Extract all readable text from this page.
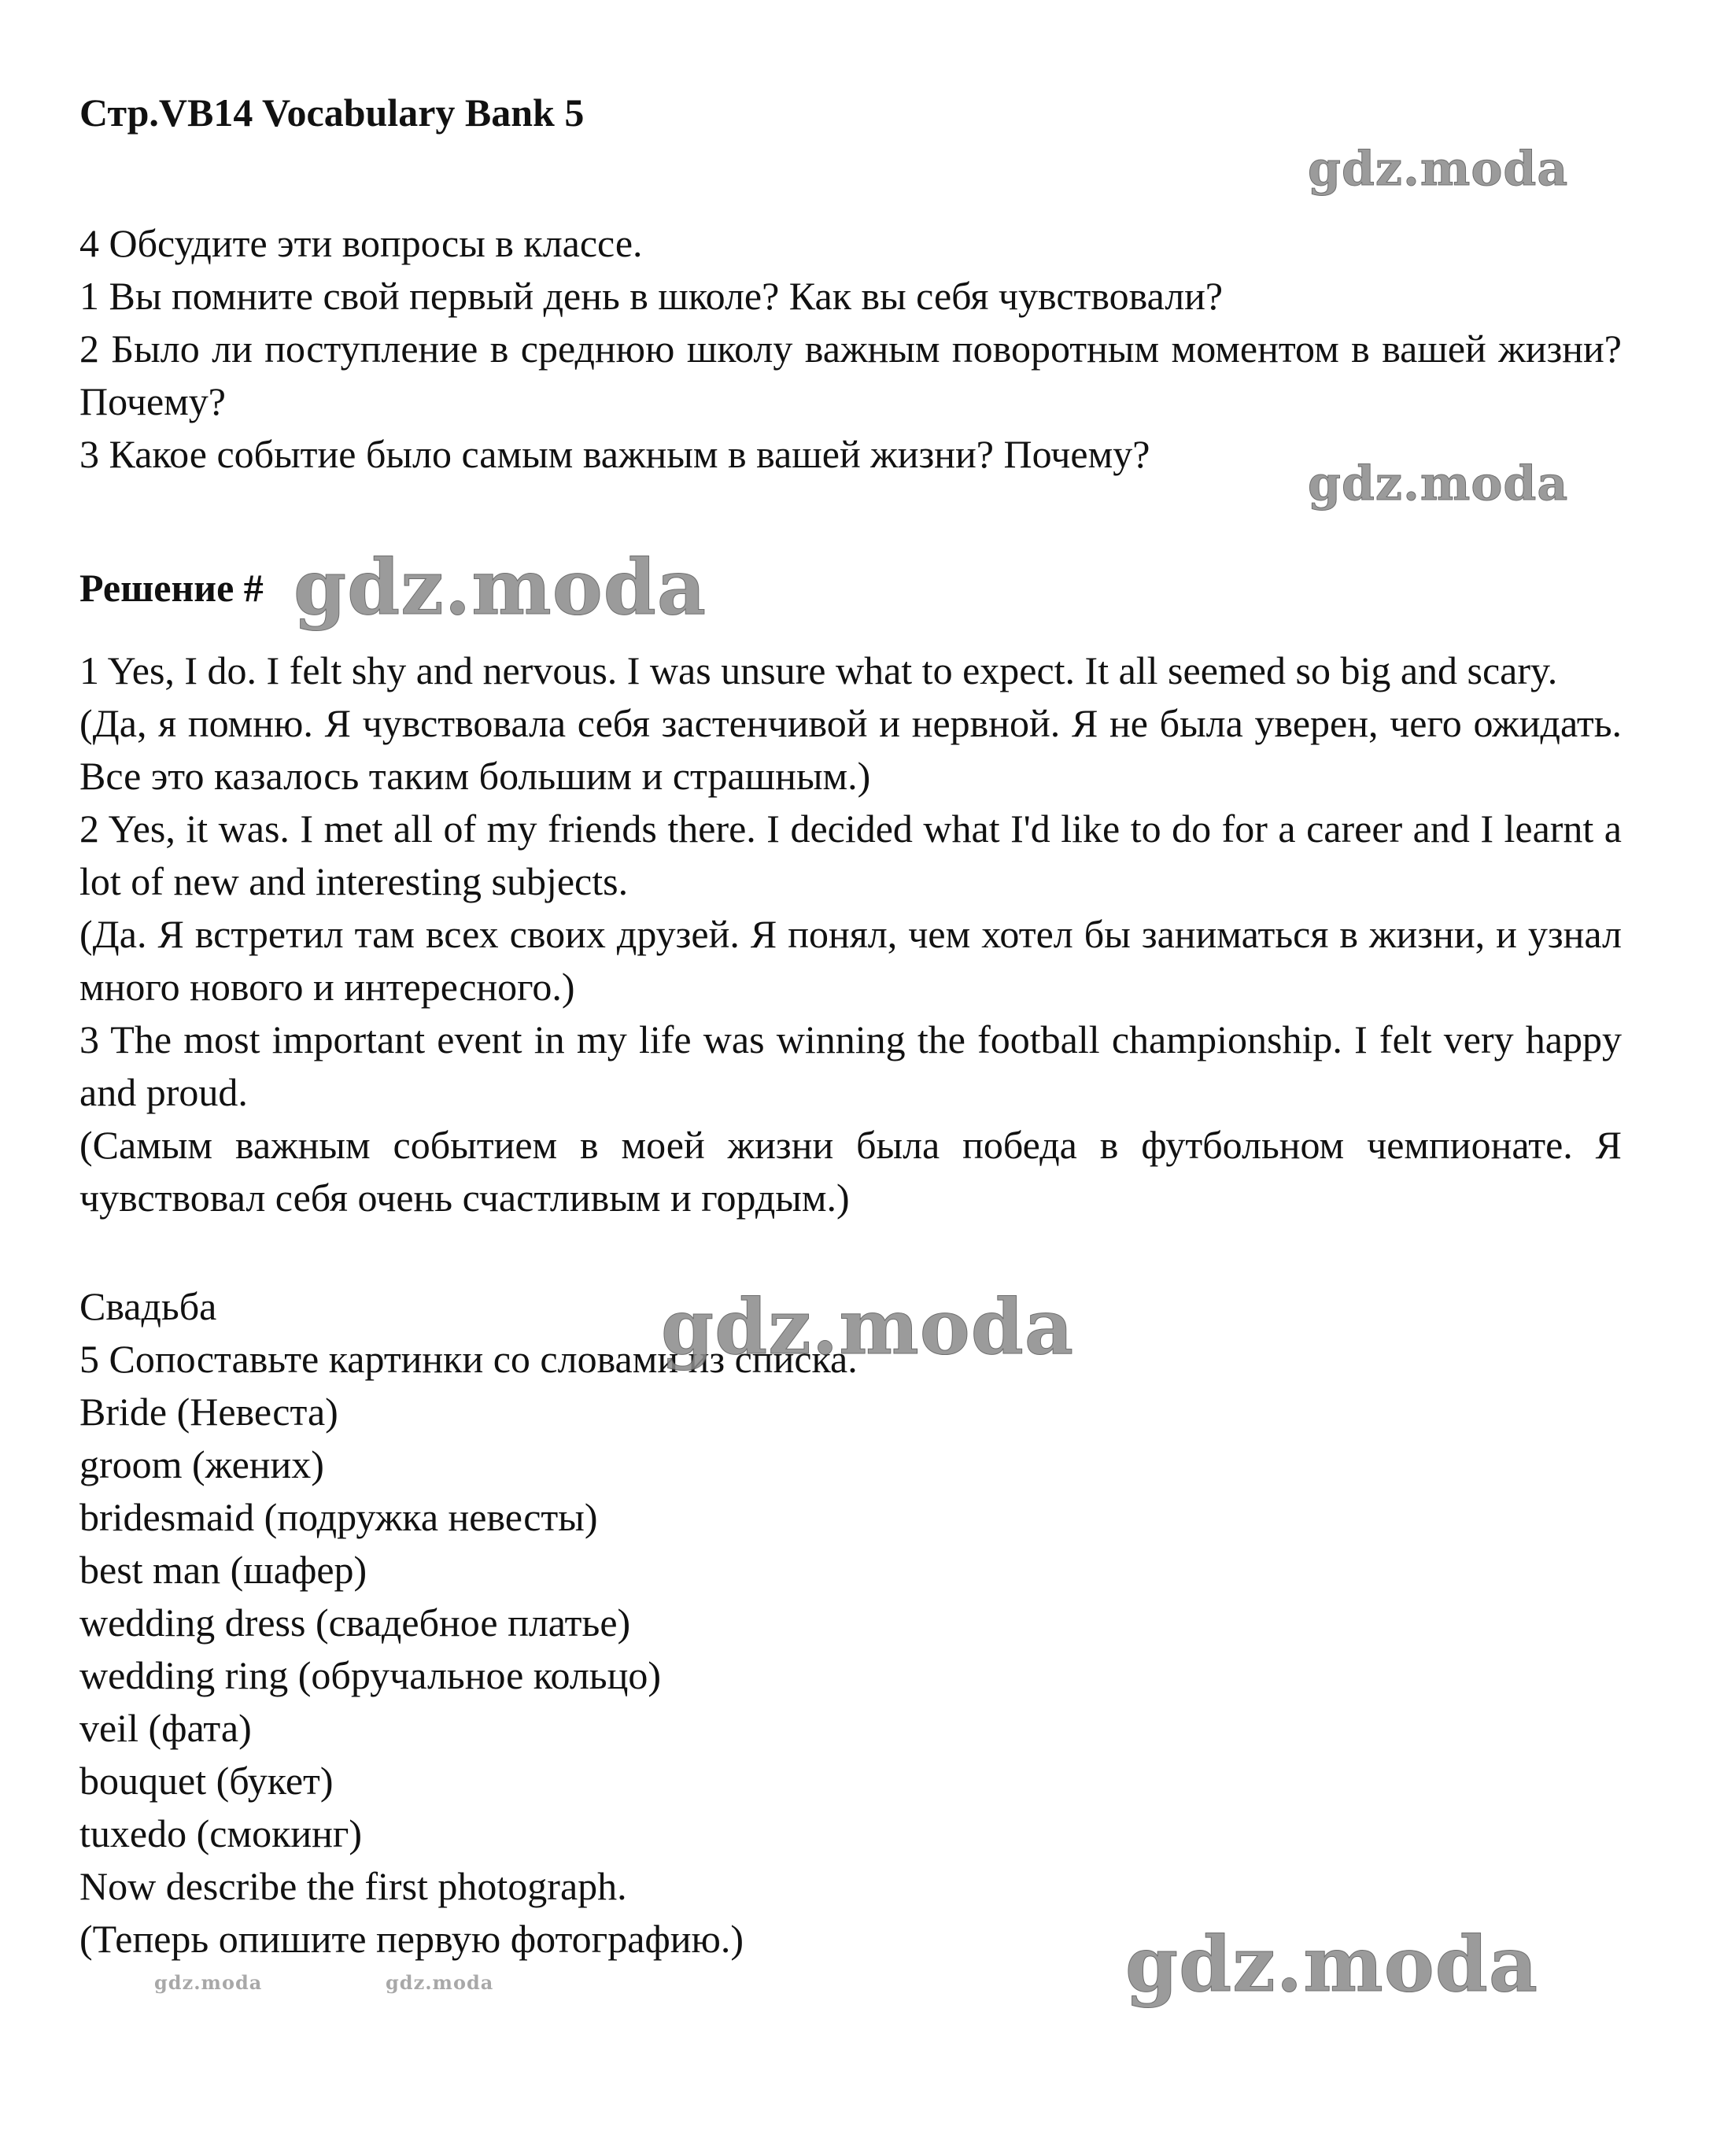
Стр.VB14 Vocabulary Bank 5

4 Обсудите эти вопросы в классе.

1 Вы помните свой первый день в школе? Как вы себя чувствовали?

2 Было ли поступление в среднюю школу важным поворотным моментом в вашей жизни? Почему?

3 Какое событие было самым важным в вашей жизни? Почему?

Решение #

1 Yes, I do. I felt shy and nervous. I was unsure what to expect. It all seemed so big and scary.

(Да, я помню. Я чувствовала себя застенчивой и нервной. Я не была уверен, чего ожидать. Все это казалось таким большим и страшным.)

2 Yes, it was. I met all of my friends there. I decided what I'd like to do for a career and I learnt a lot of new and interesting subjects.

(Да. Я встретил там всех своих друзей. Я понял, чем хотел бы заниматься в жизни, и узнал много нового и интересного.)

3 The most important event in my life was winning the football championship. I felt very happy and proud.

(Самым важным событием в моей жизни была победа в футбольном чемпионате. Я чувствовал себя очень счастливым и гордым.)

Свадьба

5 Сопоставьте картинки со словами из списка.

Bride (Невеста)

groom (жених)

bridesmaid (подружка невесты)

best man (шафер)

wedding dress (свадебное платье)

wedding ring (обручальное кольцо)

veil (фата)

bouquet (букет)

tuxedo (смокинг)

Now describe the first photograph.

(Теперь опишите первую фотографию.)

gdz.moda
gdz.moda
gdz.moda
gdz.moda
gdz.moda
gdz.moda	gdz.moda
